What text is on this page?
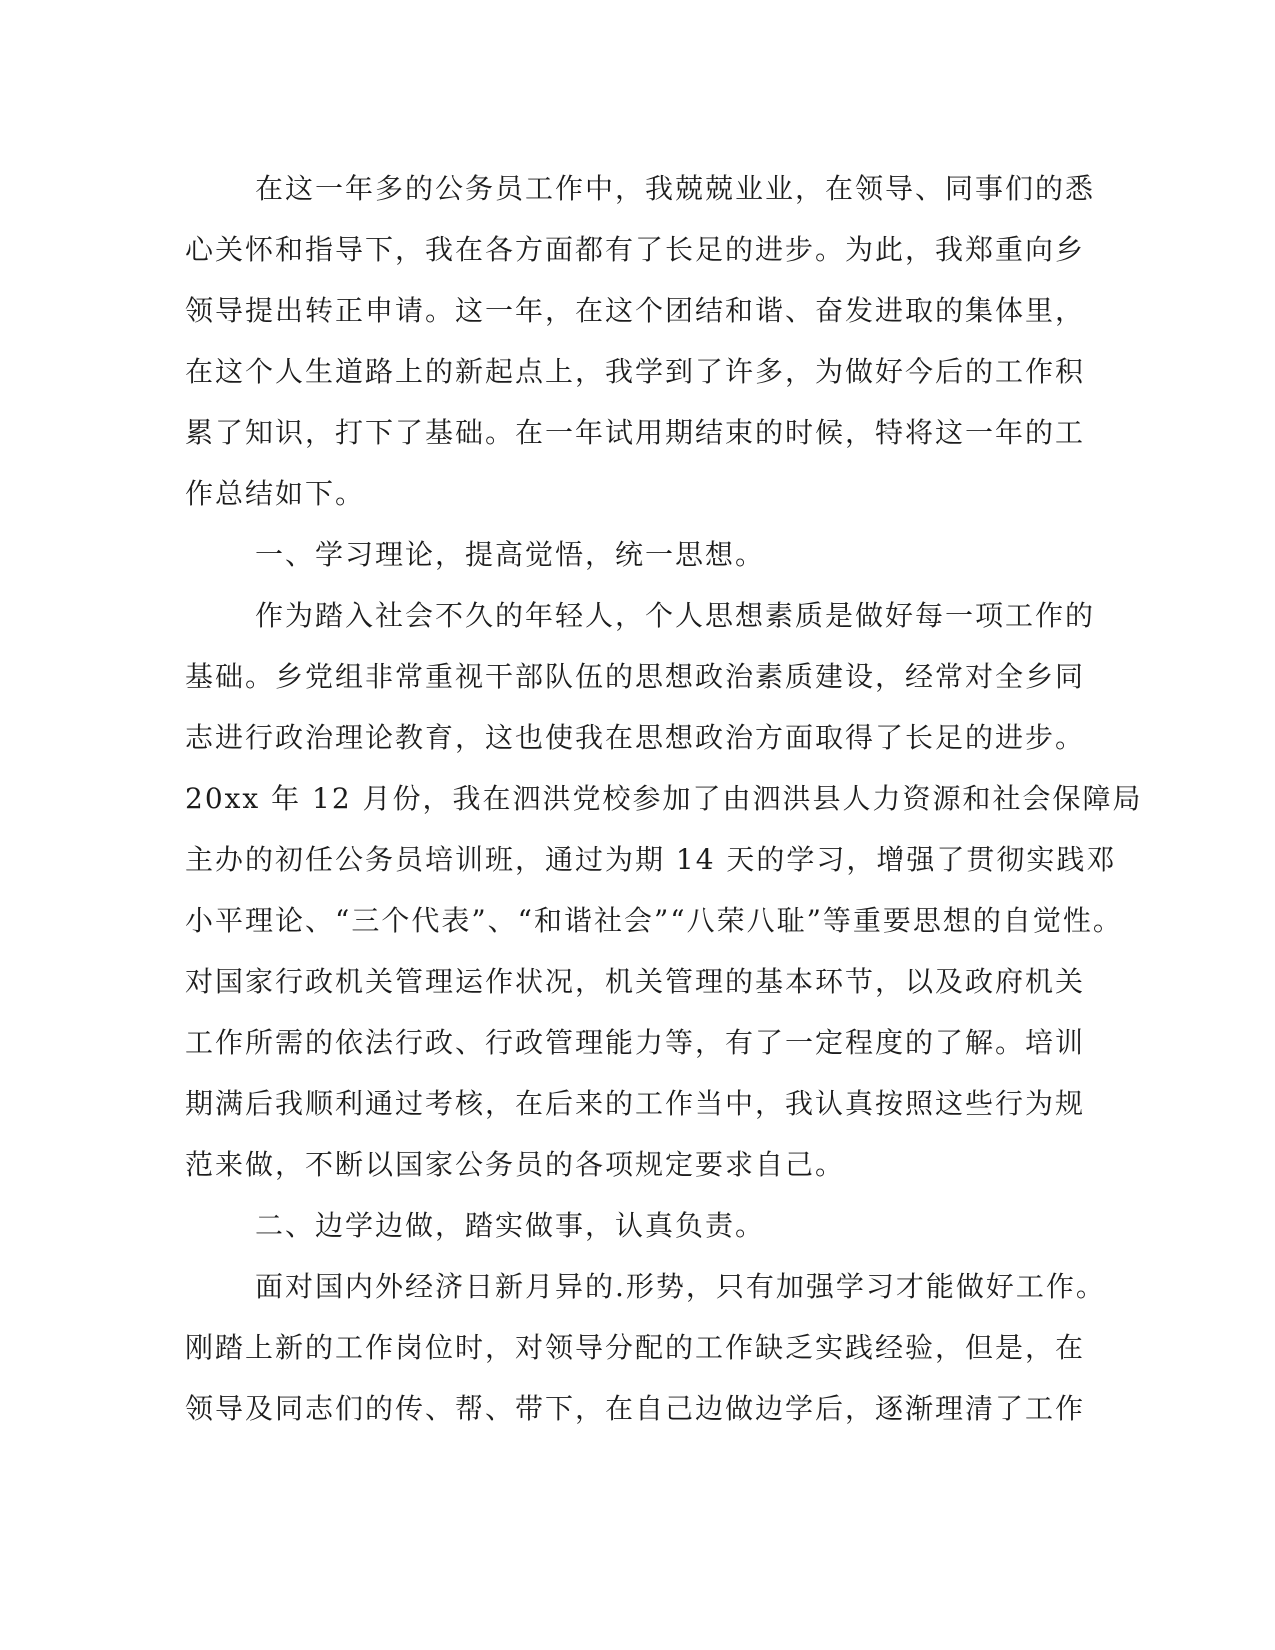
在这一年多的公务员工作中，我兢兢业业，在领导、同事们的悉

心关怀和指导下，我在各方面都有了长足的进步。为此，我郑重向乡

领导提出转正申请。这一年，在这个团结和谐、奋发进取的集体里，

在这个人生道路上的新起点上，我学到了许多，为做好今后的工作积

累了知识，打下了基础。在一年试用期结束的时候，特将这一年的工

作总结如下。

一、学习理论，提高觉悟，统一思想。

作为踏入社会不久的年轻人，个人思想素质是做好每一项工作的

基础。乡党组非常重视干部队伍的思想政治素质建设，经常对全乡同

志进行政治理论教育，这也使我在思想政治方面取得了长足的进步。

20xx 年 12 月份，我在泗洪党校参加了由泗洪县人力资源和社会保障局

主办的初任公务员培训班，通过为期 14 天的学习，增强了贯彻实践邓

小平理论、“三个代表”、“和谐社会”“八荣八耻”等重要思想的自觉性。

对国家行政机关管理运作状况，机关管理的基本环节，以及政府机关

工作所需的依法行政、行政管理能力等，有了一定程度的了解。培训

期满后我顺利通过考核，在后来的工作当中，我认真按照这些行为规

范来做，不断以国家公务员的各项规定要求自己。

二、边学边做，踏实做事，认真负责。

面对国内外经济日新月异的.形势，只有加强学习才能做好工作。

刚踏上新的工作岗位时，对领导分配的工作缺乏实践经验，但是，在

领导及同志们的传、帮、带下，在自己边做边学后，逐渐理清了工作
